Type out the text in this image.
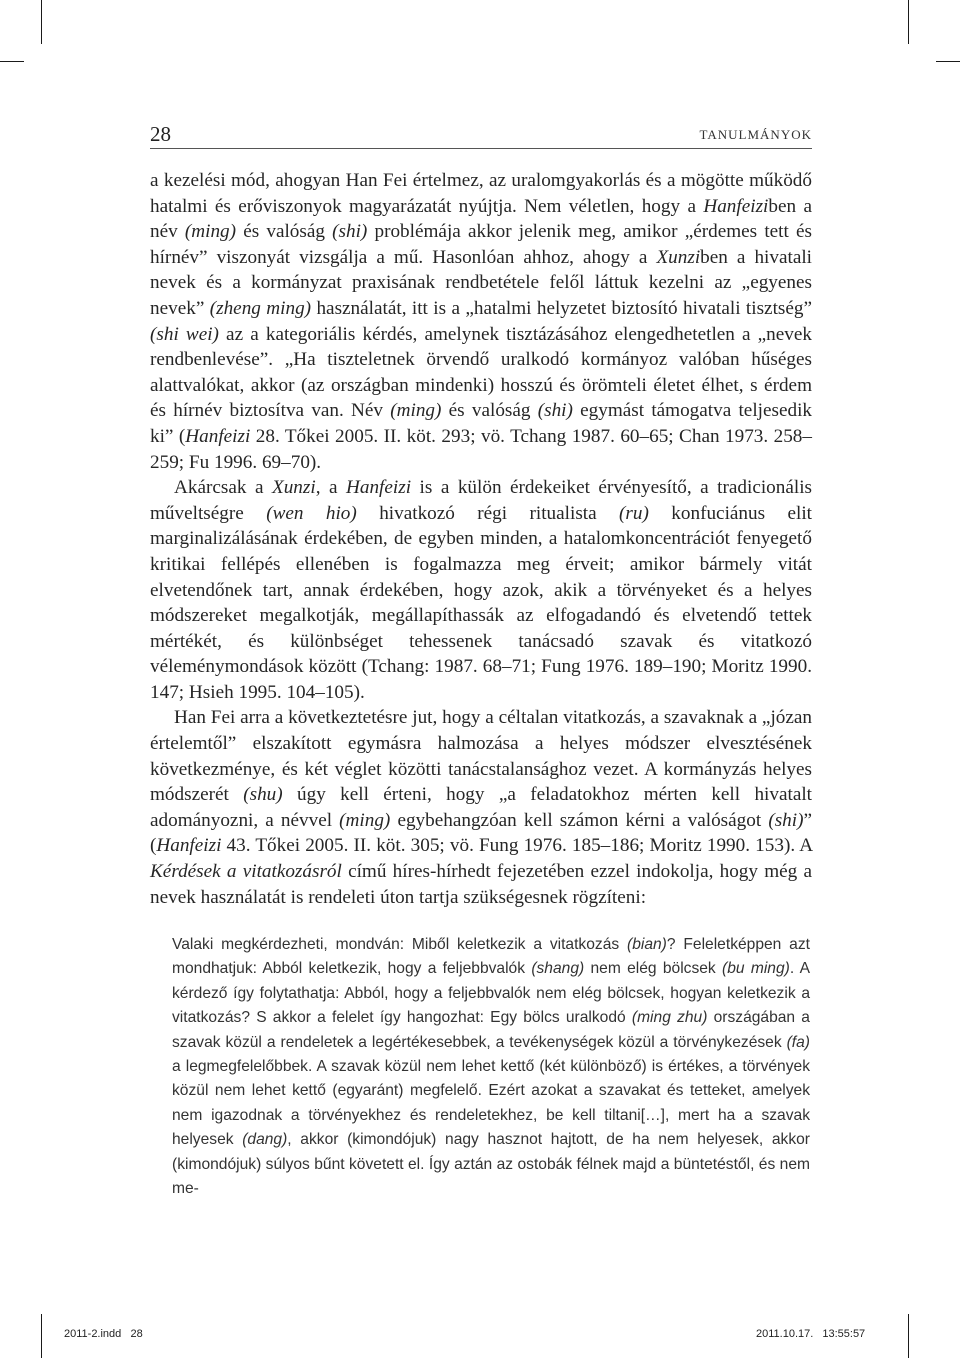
28	TANULMÁNYOK

a kezelési mód, ahogyan Han Fei értelmez, az uralomgyakorlás és a mögötte működő hatalmi és erőviszonyok magyarázatát nyújtja. Nem véletlen, hogy a Hanfeiziben a név (ming) és valóság (shi) problémája akkor jelenik meg, amikor „érdemes tett és hírnév” viszonyát vizsgálja a mű. Hasonlóan ahhoz, ahogy a Xunziben a hivatali nevek és a kormányzat praxisának rendbetétele felől láttuk kezelni az „egyenes nevek” (zheng ming) használatát, itt is a „hatalmi helyzetet biztosító hivatali tisztség” (shi wei) az a kategoriális kérdés, amelynek tisztázásához elengedhetetlen a „nevek rendbenlevése”. „Ha tiszteletnek örvendő uralkodó kormányoz valóban hűséges alattvalókat, akkor (az országban mindenki) hosszú és örömteli életet élhet, s érdem és hírnév biztosítva van. Név (ming) és valóság (shi) egymást támogatva teljesedik ki” (Hanfeizi 28. Tőkei 2005. II. köt. 293; vö. Tchang 1987. 60–65; Chan 1973. 258–259; Fu 1996. 69–70).

Akárcsak a Xunzi, a Hanfeizi is a külön érdekeiket érvényesítő, a tradicionális műveltségre (wen hio) hivatkozó régi ritualista (ru) konfuciánus elit marginalizálásának érdekében, de egyben minden, a hatalomkoncentrációt fenyegető kritikai fellépés ellenében is fogalmazza meg érveit; amikor bármely vitát elvetendőnek tart, annak érdekében, hogy azok, akik a törvényeket és a helyes módszereket megalkotják, megállapíthassák az elfogadandó és elvetendő tettek mértékét, és különbséget tehessenek tanácsadó szavak és vitatkozó véleménymondások között (Tchang: 1987. 68–71; Fung 1976. 189–190; Moritz 1990. 147; Hsieh 1995. 104–105).

Han Fei arra a következtetésre jut, hogy a céltalan vitatkozás, a szavaknak a „józan értelemtől” elszakított egymásra halmozása a helyes módszer elvesztésének következménye, és két véglet közötti tanácstalansághoz vezet. A kormányzás helyes módszerét (shu) úgy kell érteni, hogy „a feladatokhoz mérten kell hivatalt adományozni, a névvel (ming) egybehangzóan kell számon kérni a valóságot (shi)” (Hanfeizi 43. Tőkei 2005. II. köt. 305; vö. Fung 1976. 185–186; Moritz 1990. 153). A Kérdések a vitatkozásról című híres-hírhedt fejezetében ezzel indokolja, hogy még a nevek használatát is rendeleti úton tartja szükségesnek rögzíteni:

Valaki megkérdezheti, mondván: Miből keletkezik a vitatkozás (bian)? Feleletképpen azt mondhatjuk: Abból keletkezik, hogy a feljebbvalók (shang) nem elég bölcsek (bu ming). A kérdező így folytathatja: Abból, hogy a feljebbvalók nem elég bölcsek, hogyan keletkezik a vitatkozás? S akkor a felelet így hangozhat: Egy bölcs uralkodó (ming zhu) országában a szavak közül a rendeletek a legértékesebbek, a tevékenységek közül a törvénykezések (fa) a legmegfelelőbbek. A szavak közül nem lehet kettő (két különböző) is értékes, a törvények közül nem lehet kettő (egyaránt) megfelelő. Ezért azokat a szavakat és tetteket, amelyek nem igazodnak a törvényekhez és rendeletekhez, be kell tiltani[…], mert ha a szavak helyesek (dang), akkor (kimondójuk) nagy hasznot hajtott, de ha nem helyesek, akkor (kimondójuk) súlyos bűnt követett el. Így aztán az ostobák félnek majd a büntetéstől, és nem me-

2011-2.indd   28	2011.10.17. 13:55:57
